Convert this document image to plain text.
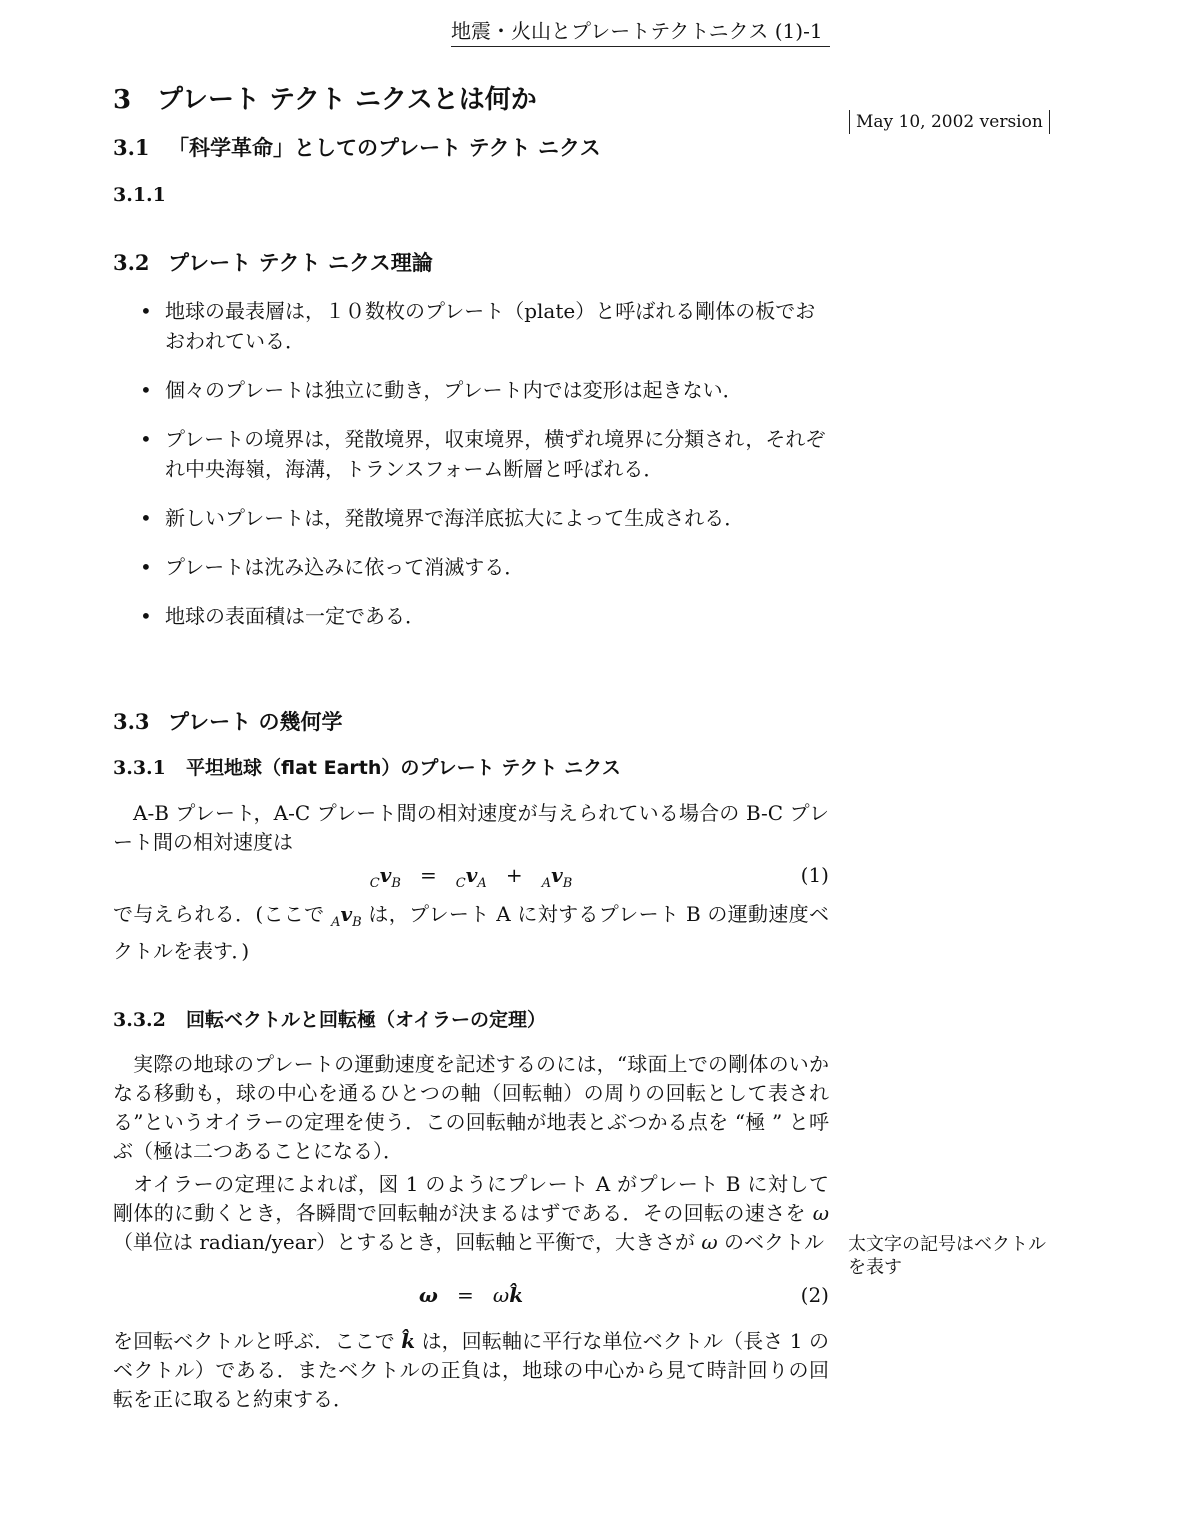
地震・火山とプレートテクトニクス (1)-1
May 10, 2002 version
3 プレート テクト ニクスとは何か
3.1 「科学革命」としてのプレート テクト ニクス
3.1.1
3.2 プレート テクト ニクス理論
• 地球の最表層は，１０数枚のプレート（plate）と呼ばれる剛体の板でおおわれている．
• 個々のプレートは独立に動き，プレート内では変形は起きない．
• プレートの境界は，発散境界，収束境界，横ずれ境界に分類され，それぞれ中央海嶺，海溝，トランスフォーム断層と呼ばれる．
• 新しいプレートは，発散境界で海洋底拡大によって生成される．
• プレートは沈み込みに依って消滅する．
• 地球の表面積は一定である．
3.3 プレート の幾何学
3.3.1 平坦地球（flat Earth）のプレート テクト ニクス
A-B プレート，A-C プレート間の相対速度が与えられている場合の B-C プレート間の相対速度は
$_Cv_B = _Cv_A + _Av_B$	(1)
で与えられる．(ここで $_Av_B$ は，プレート A に対するプレート B の運動速度ベクトルを表す．)
3.3.2 回転ベクトルと回転極（オイラーの定理）
実際の地球のプレートの運動速度を記述するのには，“球面上での剛体のいかなる移動も，球の中心を通るひとつの軸（回転軸）の周りの回転として表される”というオイラーの定理を使う．この回転軸が地表とぶつかる点を “極 ” と呼ぶ（極は二つあることになる）．
オイラーの定理によれば，図 1 のようにプレート A がプレート B に対して剛体的に動くとき，各瞬間で回転軸が決まるはずである．その回転の速さを ω（単位は radian/year）とするとき，回転軸と平衡で，大きさが ω のベクトル 太文字の記号はベクトルを表す
ω = ωk̂	(2)
を回転ベクトルと呼ぶ．ここで k̂ は，回転軸に平行な単位ベクトル（長さ 1 のベクトル）である．またベクトルの正負は，地球の中心から見て時計回りの回転を正に取ると約束する．
